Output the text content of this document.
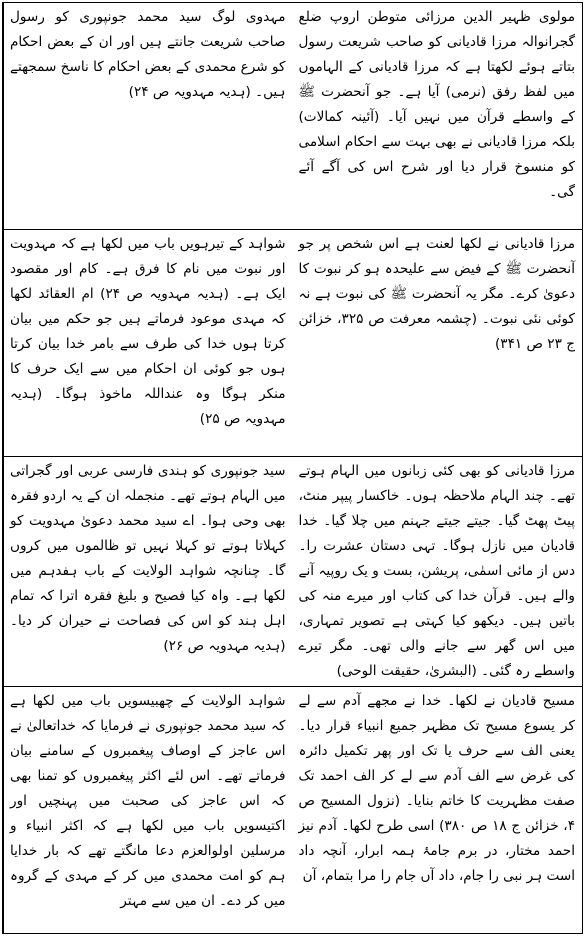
مہدوی لوگ سید محمد جونپوری کو رسول صاحب شریعت جانتے ہیں اور ان کے بعض احکام کو شرع محمدی کے بعض احکام کا ناسخ سمجھتے ہیں۔ (ہدیہ مہدویہ ص ۲۴)

مولوی ظہیر الدین مرزائی متوطن اروپ ضلع گجرانوالہ مرزا قادیانی کو صاحب شریعت رسول بتاتے ہوئے لکھتا ہے کہ مرزا قادیانی کے الہاموں میں لفظ رفق (نرمی) آیا ہے۔ جو آنحضرت ﷺ کے واسطے قرآن میں نہیں آیا۔ (آئینہ کمالات) بلکہ مرزا قادیانی نے بھی بہت سے احکام اسلامی کو منسوخ قرار دیا اور شرح اس کی آگے آئے گی۔

شواہد کے تیرہویں باب میں لکھا ہے کہ مہدویت اور نبوت میں نام کا فرق ہے۔ کام اور مقصود ایک ہے۔ (ہدیہ مہدویہ ص ۲۴) ام العقائد لکھا کہ مہدی موعود فرماتے ہیں جو حکم میں بیان کرتا ہوں خدا کی طرف سے بامر خدا بیان کرتا ہوں جو کوئی ان احکام میں سے ایک حرف کا منکر ہوگا وہ عنداللہ ماخوذ ہوگا۔ (ہدیہ مہدویہ ص ۲۵)

مرزا قادیانی نے لکھا لعنت ہے اس شخص پر جو آنحضرت ﷺ کے فیض سے علیحدہ ہو کر نبوت کا دعویٰ کرے۔ مگر یہ آنحضرت ﷺ کی نبوت ہے نہ کوئی نئی نبوت۔ (چشمہ معرفت ص ۳۲۵، خزائن ج ۲۳ ص ۳۴۱)

سید جونپوری کو ہندی فارسی عربی اور گجراتی میں الہام ہوتے تھے۔ منجملہ ان کے یہ اردو فقرہ بھی وحی ہوا۔ اے سید محمد دعویٰ مہدویت کو کہلاتا ہوتے تو کہلا نہیں تو ظالموں میں کروں گا۔ چنانچہ شواہد الولایت کے باب ہفدہم میں لکھا ہے۔ واہ کیا فصیح و بلیغ فقرہ اترا کہ تمام اہل ہند کو اس کی فصاحت نے حیران کر دیا۔ (ہدیہ مہدویہ ص ۲۶)

مرزا قادیانی کو بھی کئی زبانوں میں الہام ہوتے تھے۔ چند الہام ملاحظہ ہوں۔ خاکسار پیپر منٹ، پیٹ پھٹ گیا۔ جیتے جیتے جہنم میں چلا گیا۔ خدا قادیان میں نازل ہوگا۔ تہی دستان عشرت را۔ دس از مائی اسمٰی، پریشن، بست و یک روپیہ آنے والے ہیں۔ قرآن خدا کی کتاب اور میرے منہ کی باتیں ہیں۔ دیکھو کیا کہتی ہے تصویر تمہاری، میں اس گھر سے جانے والی تھی۔ مگر تیرے واسطے رہ گئی۔ (البشریٰ، حقیقت الوحی)

شواہد الولایت کے چھبیسویں باب میں لکھا ہے کہ سید محمد جونپوری نے فرمایا کہ خداتعالیٰ نے اس عاجز کے اوصاف پیغمبروں کے سامنے بیان فرماتے تھے۔ اس لئے اکثر پیغمبروں کو تمنا بھی کہ اس عاجز کی صحبت میں پہنچیں اور اکتیسویں باب میں لکھا ہے کہ اکثر انبیاء و مرسلین اولوالعزم دعا مانگتے تھے کہ بار خدایا ہم کو امت محمدی میں کر کے مہدی کے گروہ میں کر دے۔ ان میں سے مہتر

مسیح قادیان نے لکھا۔ خدا نے مجھے آدم سے لے کر یسوع مسیح تک مظہر جمیع انبیاء قرار دیا۔ یعنی الف سے حرف یا تک اور پھر تکمیل دائرہ کی غرض سے الف آدم سے لے کر الف احمد تک صفت مظہریت کا خاتم بنایا۔ (نزول المسیح ص ۴، خزائن ج ۱۸ ص ۳۸۰) اسی طرح لکھا۔ آدم نیز احمد مختار، در برم جامۂ ہمہ ابرار، آنچہ داد است ہر نبی را جام، داد آں جام را مرا بتمام، آن
